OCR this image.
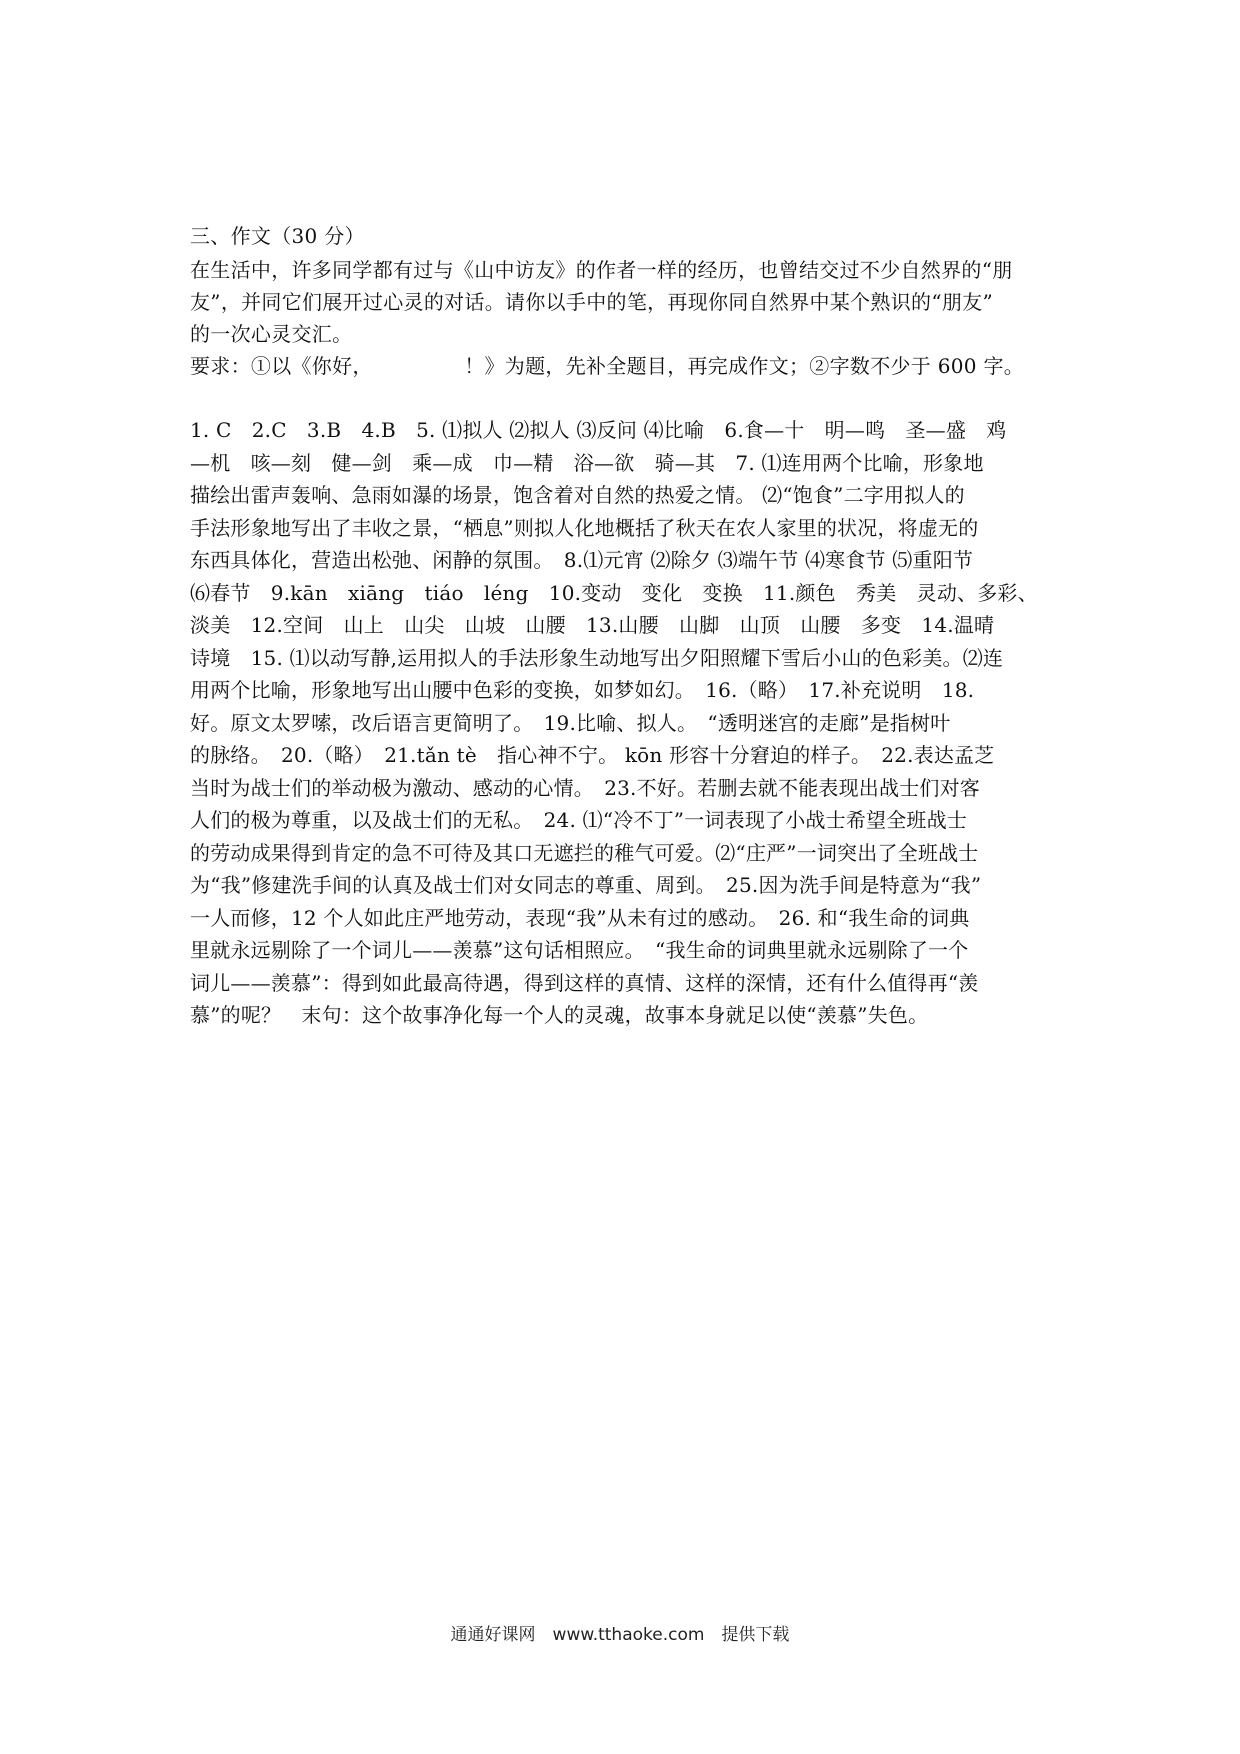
三、作文（30 分）
在生活中，许多同学都有过与《山中访友》的作者一样的经历，也曾结交过不少自然界的“朋
友”，并同它们展开过心灵的对话。请你以手中的笔，再现你同自然界中某个熟识的“朋友”
的一次心灵交汇。
要求：①以《你好，　　　　　！》为题，先补全题目，再完成作文；②字数不少于 600 字。
1. C　2.C　3.B　4.B　5. ⑴拟人 ⑵拟人 ⑶反问 ⑷比喻　6.食—十　明—鸣　圣—盛　鸡
—机　咳—刻　健—剑　乘—成　巾—精　浴—欲　骑—其　7. ⑴连用两个比喻，形象地
描绘出雷声轰响、急雨如瀑的场景，饱含着对自然的热爱之情。 ⑵“饱食”二字用拟人的
手法形象地写出了丰收之景，“栖息”则拟人化地概括了秋天在农人家里的状况，将虚无的
东西具体化，营造出松弛、闲静的氛围。　8.⑴元宵 ⑵除夕 ⑶端午节 ⑷寒食节 ⑸重阳节
⑹春节　9.kān　xiāng　tiáo　léng　10.变动　变化　变换　11.颜色　秀美　灵动、多彩、
淡美　12.空间　山上　山尖　山坡　山腰　13.山腰　山脚　山顶　山腰　多变　14.温晴
诗境　15. ⑴以动写静,运用拟人的手法形象生动地写出夕阳照耀下雪后小山的色彩美。⑵连
用两个比喻，形象地写出山腰中色彩的变换，如梦如幻。　16.（略）　17.补充说明　18.
好。原文太罗嗦，改后语言更简明了。　19.比喻、拟人。　“透明迷宫的走廊”是指树叶
的脉络。　20.（略）　21.tǎn tè　指心神不宁。 kōn 形容十分窘迫的样子。　22.表达孟芝
当时为战士们的举动极为激动、感动的心情。　23.不好。若删去就不能表现出战士们对客
人们的极为尊重，以及战士们的无私。　24. ⑴“冷不丁”一词表现了小战士希望全班战士
的劳动成果得到肯定的急不可待及其口无遮拦的稚气可爱。⑵“庄严”一词突出了全班战士
为“我”修建洗手间的认真及战士们对女同志的尊重、周到。　25.因为洗手间是特意为“我”
一人而修，12 个人如此庄严地劳动，表现“我”从未有过的感动。　26. 和“我生命的词典
里就永远剔除了一个词儿——羡慕”这句话相照应。　“我生命的词典里就永远剔除了一个
词儿——羡慕”：得到如此最高待遇，得到这样的真情、这样的深情，还有什么值得再“羡
慕”的呢？　末句：这个故事净化每一个人的灵魂，故事本身就足以使“羡慕”失色。
通通好课网　www.tthaoke.com　提供下载
